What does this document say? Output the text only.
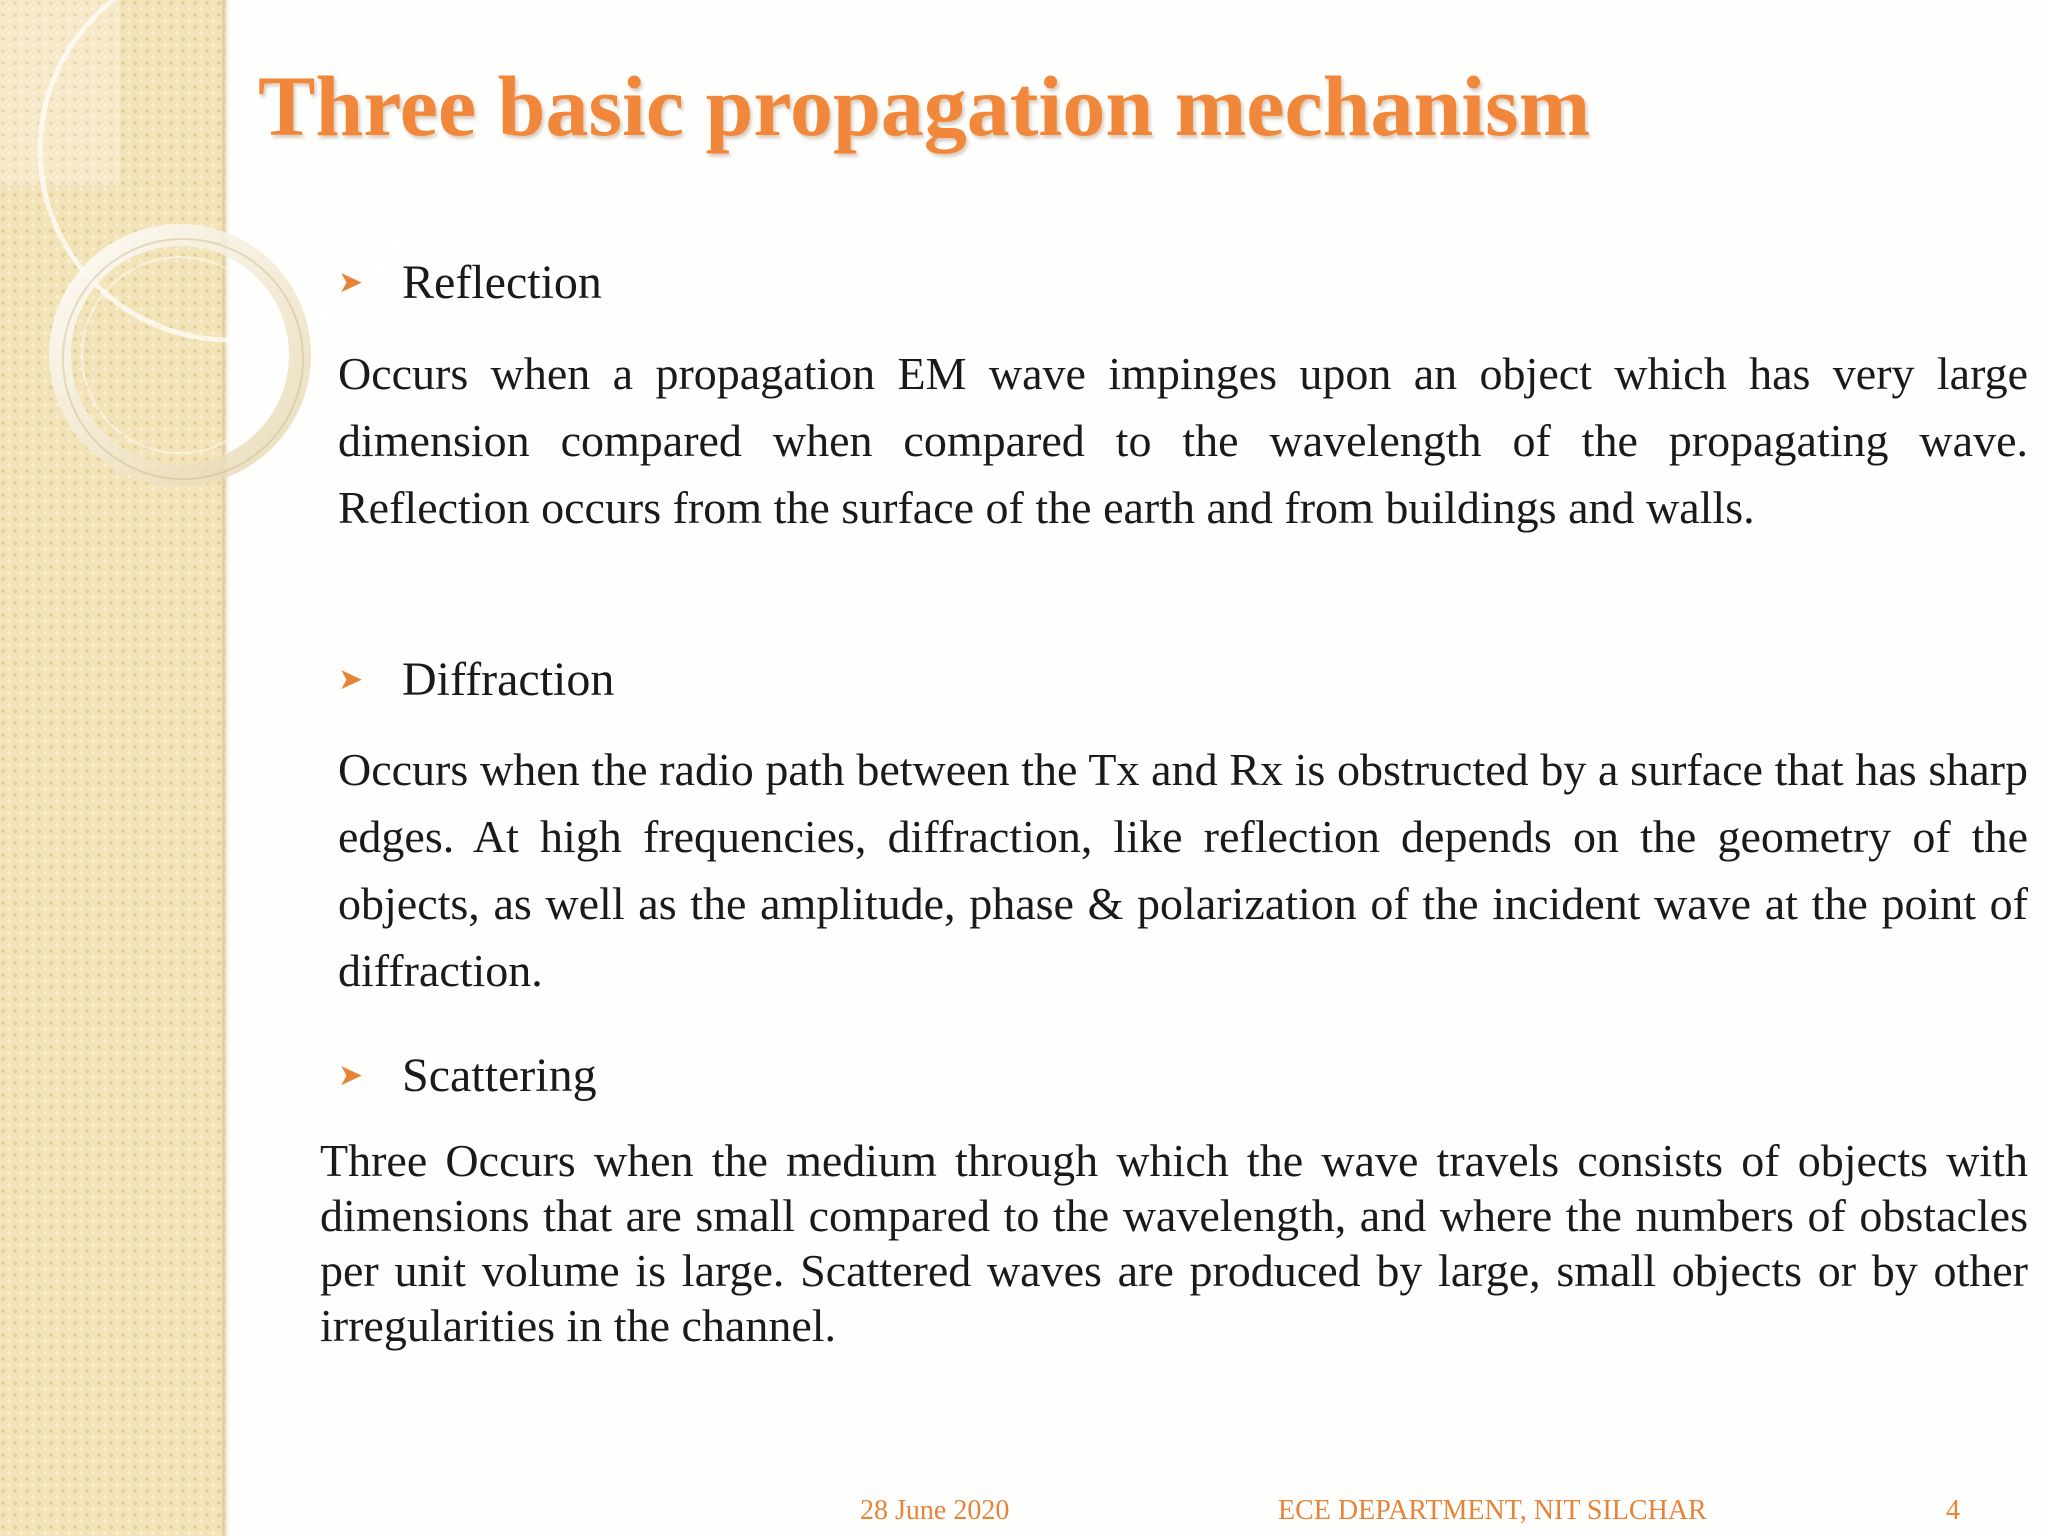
Three basic propagation mechanism
➤ Reflection

Occurs when a propagation EM wave impinges upon an object which has very large dimension compared when compared to the wavelength of the propagating wave. Reflection occurs from the surface of the earth and from buildings and walls.

➤ Diffraction

Occurs when the radio path between the Tx and Rx is obstructed by a surface that has sharp edges. At high frequencies, diffraction, like reflection depends on the geometry of the objects, as well as the amplitude, phase & polarization of the incident wave at the point of diffraction.

➤ Scattering

Three Occurs when the medium through which the wave travels consists of objects with dimensions that are small compared to the wavelength, and where the numbers of obstacles per unit volume is large. Scattered waves are produced by large, small objects or by other irregularities in the channel.

28 June 2020	ECE DEPARTMENT, NIT SILCHAR	4
